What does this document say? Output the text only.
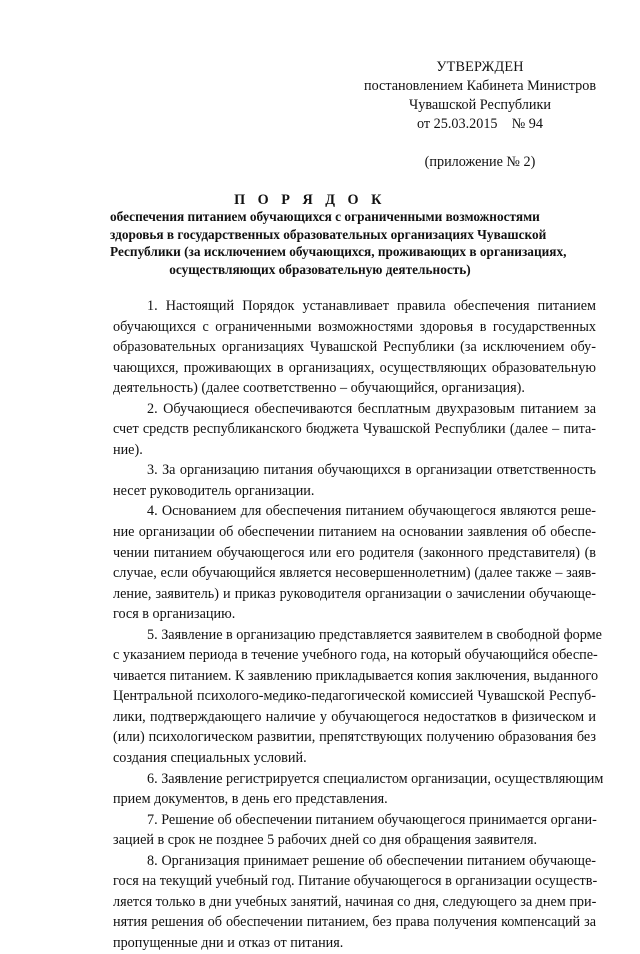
УТВЕРЖДЕН
постановлением Кабинета Министров
Чувашской Республики
от 25.03.2015    № 94
(приложение № 2)
П О Р Я Д О К
обеспечения питанием обучающихся с ограниченными возможностями
здоровья в государственных образовательных организациях Чувашской
Республики (за исключением обучающихся, проживающих в организациях,
осуществляющих образовательную деятельность)
1. Настоящий Порядок устанавливает правила обеспечения питанием
обучающихся с ограниченными возможностями здоровья в государственных
образовательных организациях Чувашской Республики (за исключением обу-
чающихся, проживающих в организациях, осуществляющих образовательную
деятельность) (далее соответственно – обучающийся, организация).
2. Обучающиеся обеспечиваются бесплатным двухразовым питанием за
счет средств республиканского бюджета Чувашской Республики (далее – пита-
ние).
3. За организацию питания обучающихся в организации ответственность
несет руководитель организации.
4. Основанием для обеспечения питанием обучающегося являются реше-
ние организации об обеспечении питанием на основании заявления об обеспе-
чении питанием обучающегося или его родителя (законного представителя) (в
случае, если обучающийся является несовершеннолетним) (далее также – заяв-
ление, заявитель) и приказ руководителя организации о зачислении обучающе-
гося в организацию.
5. Заявление в организацию представляется заявителем в свободной форме
с указанием периода в течение учебного года, на который обучающийся обеспе-
чивается питанием. К заявлению прикладывается копия заключения, выданного
Центральной психолого-медико-педагогической комиссией Чувашской Респуб-
лики, подтверждающего наличие у обучающегося недостатков в физическом и
(или) психологическом развитии, препятствующих получению образования без
создания специальных условий.
6. Заявление регистрируется специалистом организации, осуществляющим
прием документов, в день его представления.
7. Решение об обеспечении питанием обучающегося принимается органи-
зацией в срок не позднее 5 рабочих дней со дня обращения заявителя.
8. Организация принимает решение об обеспечении питанием обучающе-
гося на текущий учебный год. Питание обучающегося в организации осуществ-
ляется только в дни учебных занятий, начиная со дня, следующего за днем при-
нятия решения об обеспечении питанием, без права получения компенсаций за
пропущенные дни и отказ от питания.
